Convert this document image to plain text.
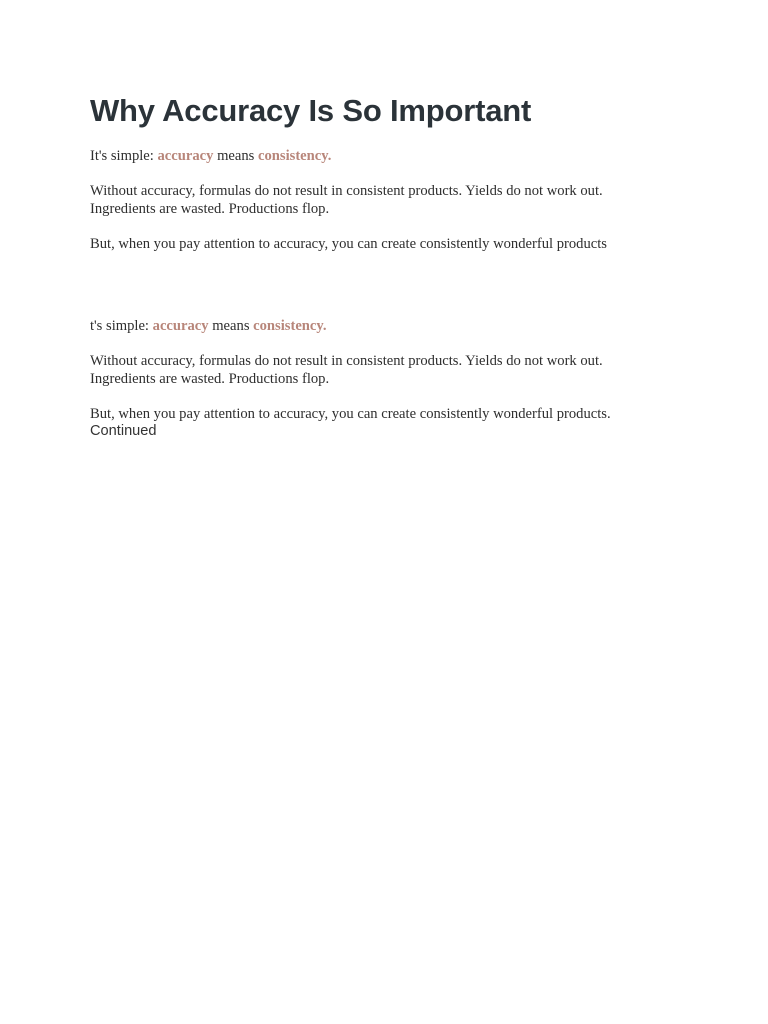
Why Accuracy Is So Important

It's simple: accuracy means consistency.

Without accuracy, formulas do not result in consistent products. Yields do not work out.
Ingredients are wasted. Productions flop.

But, when you pay attention to accuracy, you can create consistently wonderful products

t's simple: accuracy means consistency.

Without accuracy, formulas do not result in consistent products. Yields do not work out.
Ingredients are wasted. Productions flop.

But, when you pay attention to accuracy, you can create consistently wonderful products.

Continued
